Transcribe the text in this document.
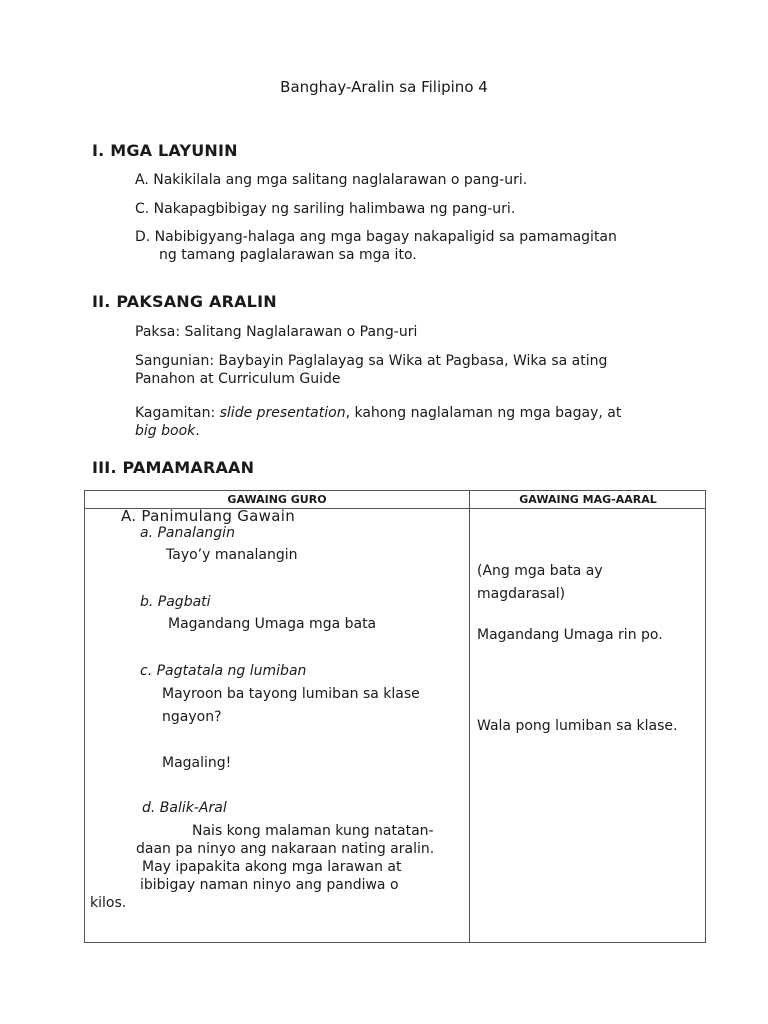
Banghay-Aralin sa Filipino 4
I. MGA LAYUNIN
A. Nakikilala ang mga salitang naglalarawan o pang-uri.
C. Nakapagbibigay ng sariling halimbawa ng pang-uri.
D. Nabibigyang-halaga ang mga bagay nakapaligid sa pamamagitan
ng tamang paglalarawan sa mga ito.
II. PAKSANG ARALIN
Paksa: Salitang Naglalarawan o Pang-uri
Sangunian: Baybayin Paglalayag sa Wika at Pagbasa, Wika sa ating
Panahon at Curriculum Guide
Kagamitan: slide presentation, kahong naglalaman ng mga bagay, at
big book.
III. PAMAMARAAN
GAWAING GURO	GAWAING MAG-AARAL
A. Panimulang Gawain
a. Panalangin
Tayo’y manalangin
b. Pagbati
Magandang Umaga mga bata
c. Pagtatala ng lumiban
Mayroon ba tayong lumiban sa klase
ngayon?
Magaling!
d. Balik-Aral
Nais kong malaman kung natatan-
daan pa ninyo ang nakaraan nating aralin.
May ipapakita akong mga larawan at
ibibigay naman ninyo ang pandiwa o
kilos.
(Ang mga bata ay
magdarasal)
Magandang Umaga rin po.
Wala pong lumiban sa klase.
